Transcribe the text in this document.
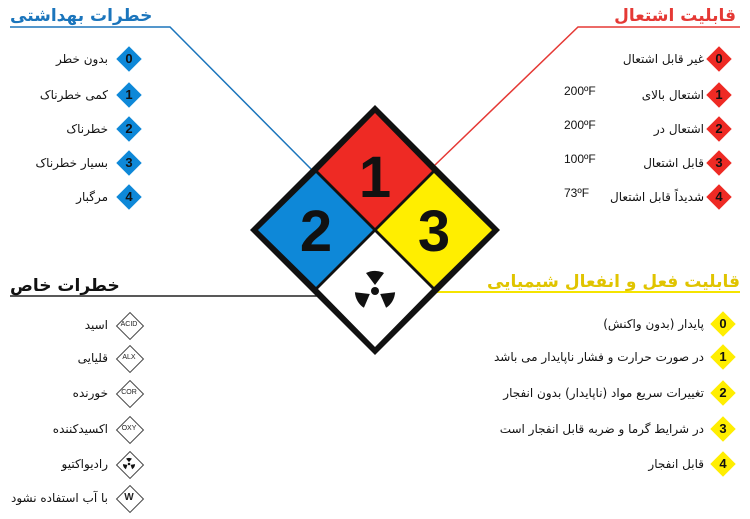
خطرات بهداشتی	قابلیت اشتعال
خطرات خاص	قابلیت فعل و انفعال شیمیایی
0
بدون خطر
1
کمی خطرناک
2
خطرناک
3
بسیار خطرناک
4
مرگبار
0
غیر قابل اشتعال
1
اشتعال بالای
200ºF
2
اشتعال در
200ºF
3
قابل اشتعال
100ºF
4
شدیداً قابل اشتعال
73ºF
ACID
اسید
ALX
قلیایی
COR
خورنده
OXY
اکسیدکننده
رادیواکتیو
W
با آب استفاده نشود
0
پایدار (بدون واکنش)
1
در صورت حرارت و فشار ناپایدار می باشد
2
تغییرات سریع مواد (ناپایدار) بدون انفجار
3
در شرایط گرما و ضربه قابل انفجار است
4
قابل انفجار
1
2 3
